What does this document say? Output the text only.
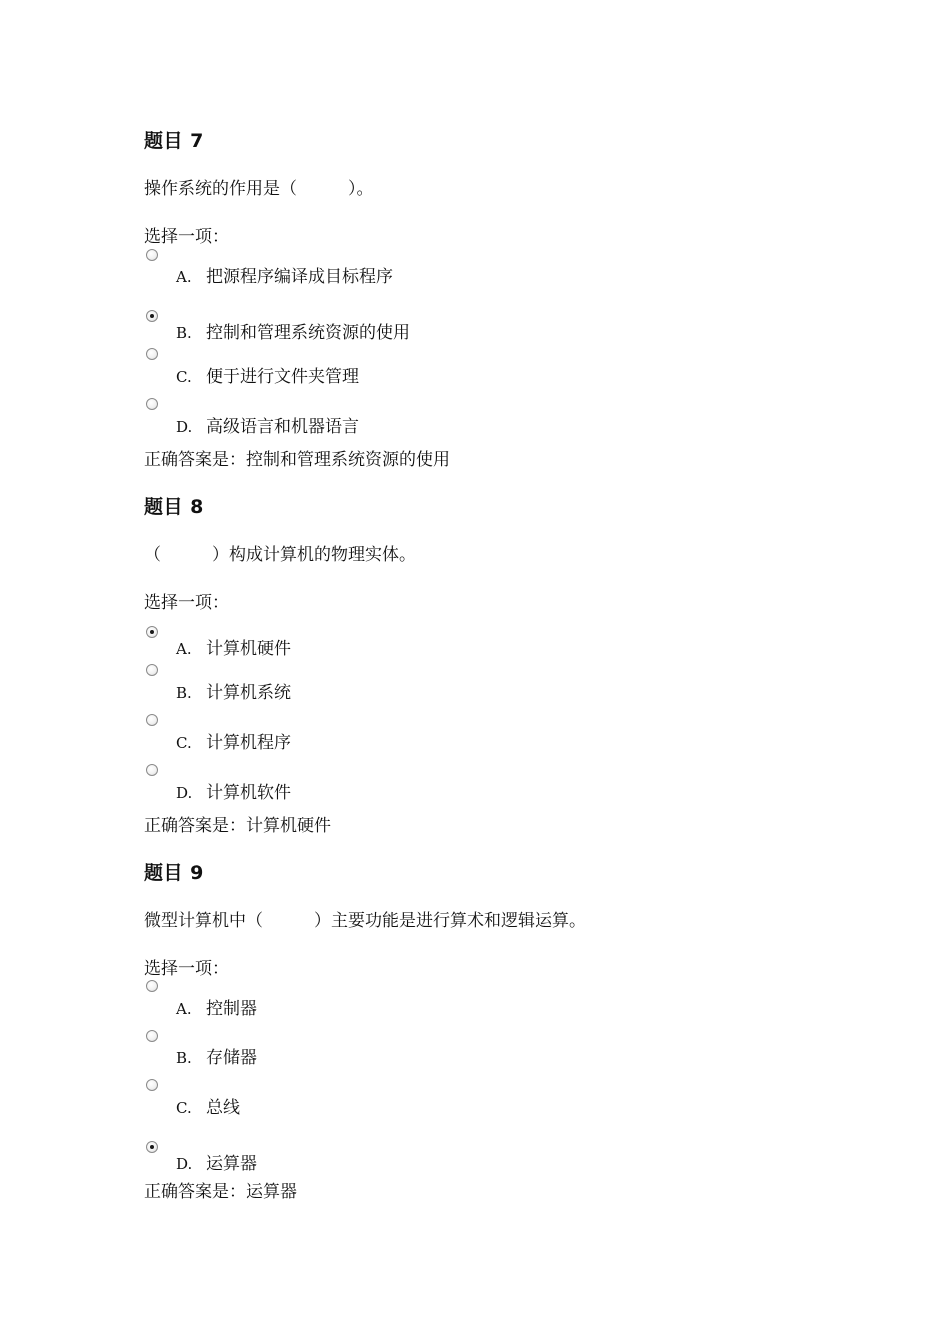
题目 7
操作系统的作用是（　　　）。
选择一项：
A. 把源程序编译成目标程序
B. 控制和管理系统资源的使用
C. 便于进行文件夹管理
D. 高级语言和机器语言
正确答案是：控制和管理系统资源的使用
题目 8
（　　　）构成计算机的物理实体。
选择一项：
A. 计算机硬件
B. 计算机系统
C. 计算机程序
D. 计算机软件
正确答案是：计算机硬件
题目 9
微型计算机中（　　　）主要功能是进行算术和逻辑运算。
选择一项：
A. 控制器
B. 存储器
C. 总线
D. 运算器
正确答案是：运算器
